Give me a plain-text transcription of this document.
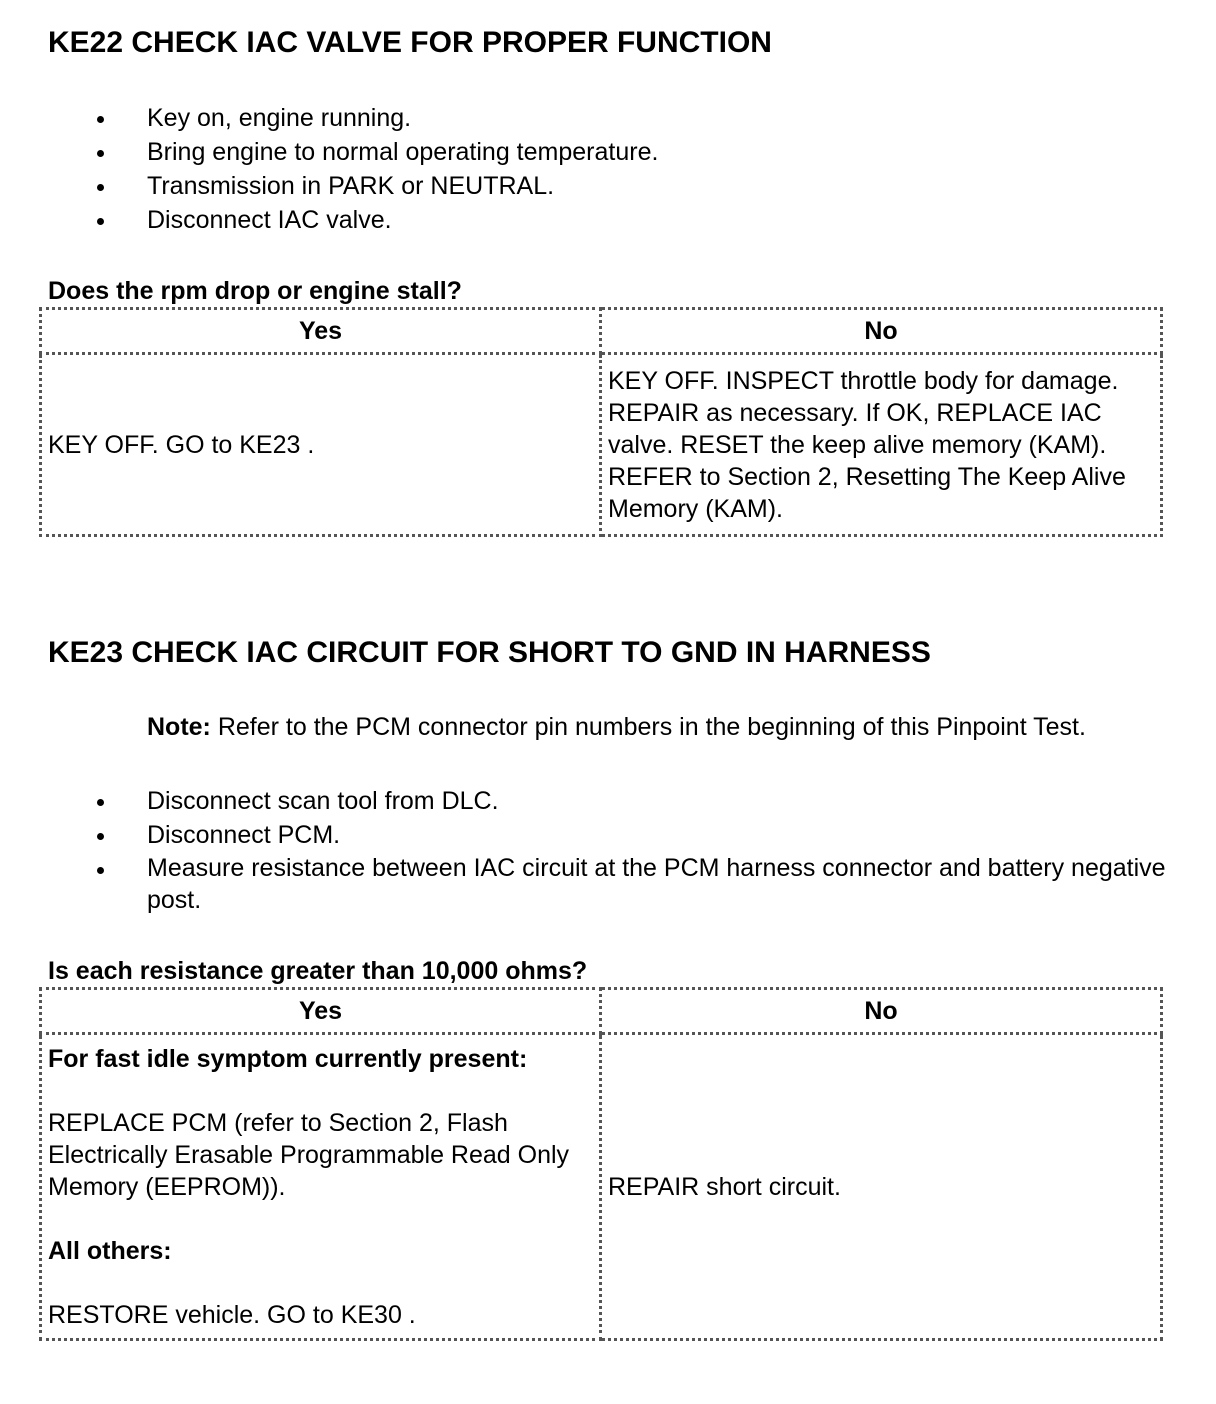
KE22 CHECK IAC VALVE FOR PROPER FUNCTION
Key on, engine running.
Bring engine to normal operating temperature.
Transmission in PARK or NEUTRAL.
Disconnect IAC valve.
Does the rpm drop or engine stall?
Yes	No

KEY OFF. GO to KE23 .	KEY OFF. INSPECT throttle body for damage. REPAIR as necessary. If OK, REPLACE IAC valve. RESET the keep alive memory (KAM). REFER to Section 2, Resetting The Keep Alive Memory (KAM).
KE23 CHECK IAC CIRCUIT FOR SHORT TO GND IN HARNESS
Note: Refer to the PCM connector pin numbers in the beginning of this Pinpoint Test.
Disconnect scan tool from DLC.
Disconnect PCM.
Measure resistance between IAC circuit at the PCM harness connector and battery negative post.
Is each resistance greater than 10,000 ohms?
Yes	No

For fast idle symptom currently present:
REPLACE PCM (refer to Section 2, Flash Electrically Erasable Programmable Read Only Memory (EEPROM)).
All others:
RESTORE vehicle. GO to KE30 .	REPAIR short circuit.
